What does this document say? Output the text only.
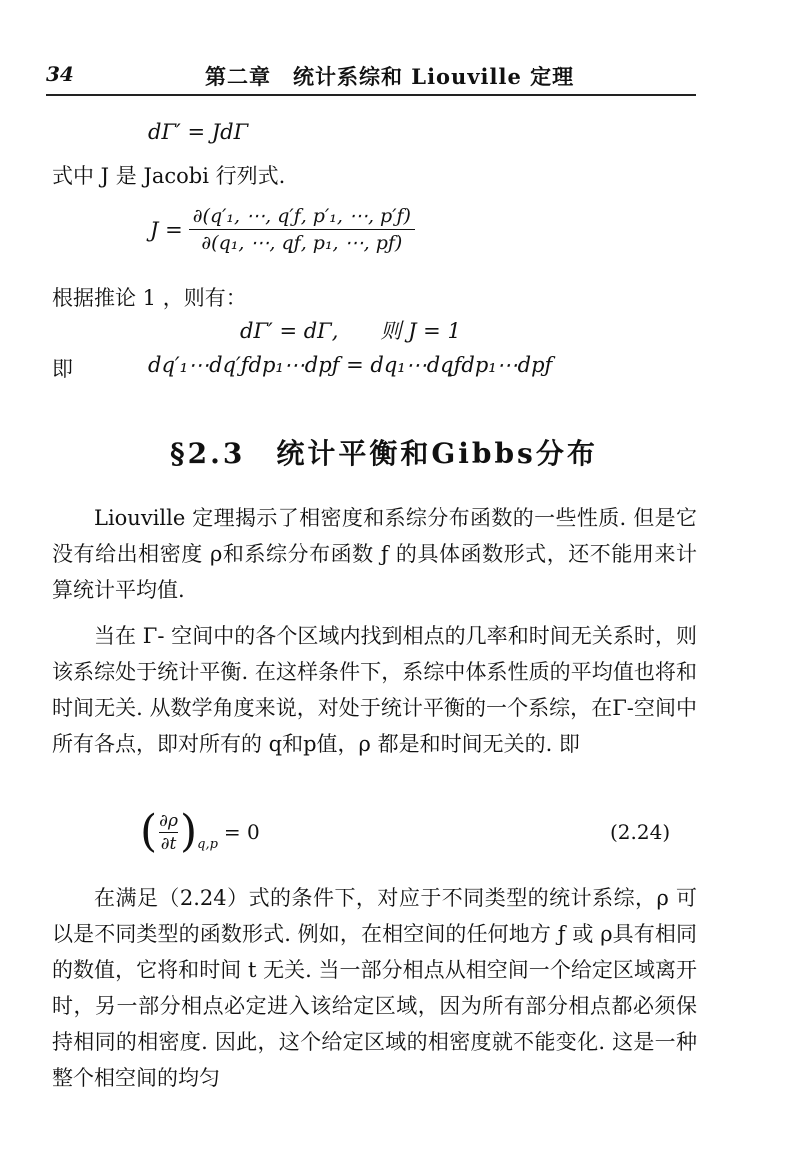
34	第二章　统计系综和 Liouville 定理
dΓ′ = JdΓ
式中 J 是 Jacobi 行列式.
$J = \frac{\text{∂(q′₁, ⋯, q′ƒ, p′₁, ⋯, p′ƒ)}}{\text{∂(q₁, ⋯, qƒ, p₁, ⋯, pƒ)}}$
根据推论 1 ，则有：
dΓ′ = dΓ,　　则 J = 1
即	dq′₁⋯dq′ƒdp₁⋯dpƒ = dq₁⋯dqƒdp₁⋯dpƒ
§2.3　统计平衡和Gibbs分布

Liouville 定理揭示了相密度和系综分布函数的一些性质. 但是它没有给出相密度 ρ和系综分布函数 ƒ 的具体函数形式，还不能用来计算统计平均值.

当在 Γ- 空间中的各个区域内找到相点的几率和时间无关系时，则该系综处于统计平衡. 在这样条件下，系综中体系性质的平均值也将和时间无关. 从数学角度来说，对处于统计平衡的一个系综，在Γ-空间中所有各点，即对所有的 q和p值，ρ 都是和时间无关的. 即

( $\frac{\partial\rho}{\partial t}$ ) q,p
= 0	(2.24)

在满足（2.24）式的条件下，对应于不同类型的统计系综，ρ 可以是不同类型的函数形式. 例如，在相空间的任何地方 ƒ 或 ρ具有相同的数值，它将和时间 t 无关. 当一部分相点从相空间一个给定区域离开时，另一部分相点必定进入该给定区域，因为所有部分相点都必须保持相同的相密度. 因此，这个给定区域的相密度就不能变化. 这是一种整个相空间的均匀
